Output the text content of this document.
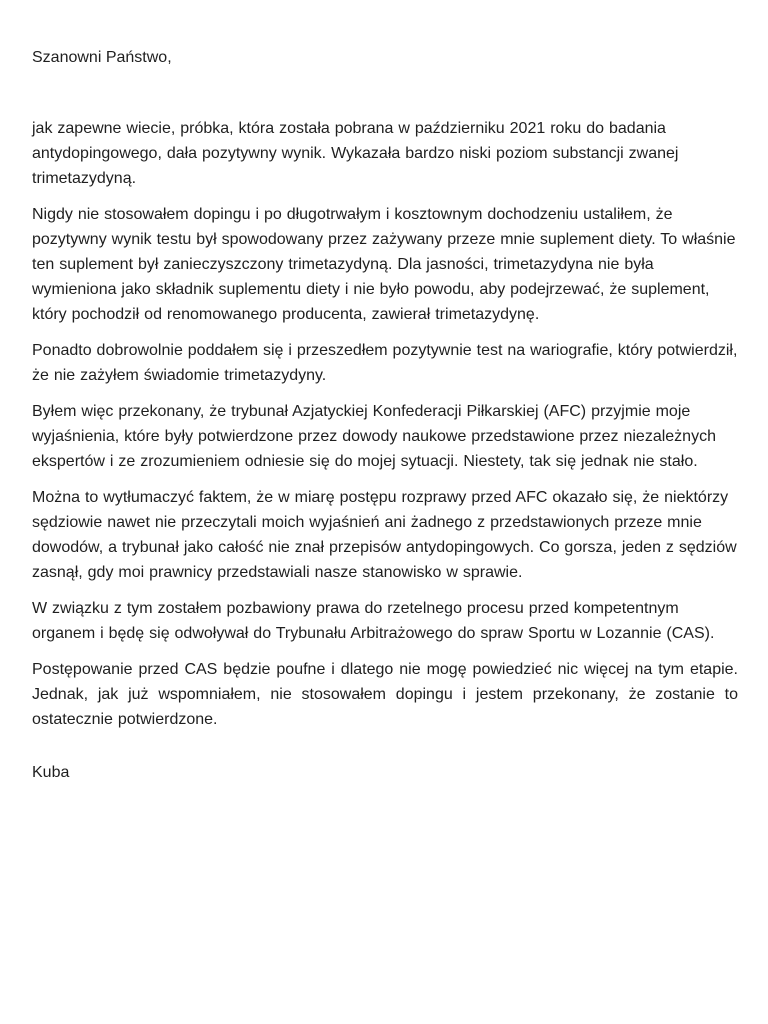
Szanowni Państwo,

jak zapewne wiecie, próbka, która została pobrana w październiku 2021 roku do badania antydopingowego, dała pozytywny wynik. Wykazała bardzo niski poziom substancji zwanej trimetazydyną.

Nigdy nie stosowałem dopingu i po długotrwałym i kosztownym dochodzeniu ustaliłem, że pozytywny wynik testu był spowodowany przez zażywany przeze mnie suplement diety. To właśnie ten suplement był zanieczyszczony trimetazydyną. Dla jasności, trimetazydyna nie była wymieniona jako składnik suplementu diety i nie było powodu, aby podejrzewać, że suplement, który pochodził od renomowanego producenta, zawierał trimetazydynę.

Ponadto dobrowolnie poddałem się i przeszedłem pozytywnie test na wariografie, który potwierdził, że nie zażyłem świadomie trimetazydyny.

Byłem więc przekonany, że trybunał Azjatyckiej Konfederacji Piłkarskiej (AFC) przyjmie moje wyjaśnienia, które były potwierdzone przez dowody naukowe przedstawione przez niezależnych ekspertów i ze zrozumieniem odniesie się do mojej sytuacji. Niestety, tak się jednak nie stało.

Można to wytłumaczyć faktem, że w miarę postępu rozprawy przed AFC okazało się, że niektórzy sędziowie nawet nie przeczytali moich wyjaśnień ani żadnego z przedstawionych przeze mnie dowodów, a trybunał jako całość nie znał przepisów antydopingowych. Co gorsza, jeden z sędziów zasnął, gdy moi prawnicy przedstawiali nasze stanowisko w sprawie.

W związku z tym zostałem pozbawiony prawa do rzetelnego procesu przed kompetentnym organem i będę się odwoływał do Trybunału Arbitrażowego do spraw Sportu w Lozannie (CAS).

Postępowanie przed CAS będzie poufne i dlatego nie mogę powiedzieć nic więcej na tym etapie. Jednak, jak już wspomniałem, nie stosowałem dopingu i jestem przekonany, że zostanie to ostatecznie potwierdzone.

Kuba
